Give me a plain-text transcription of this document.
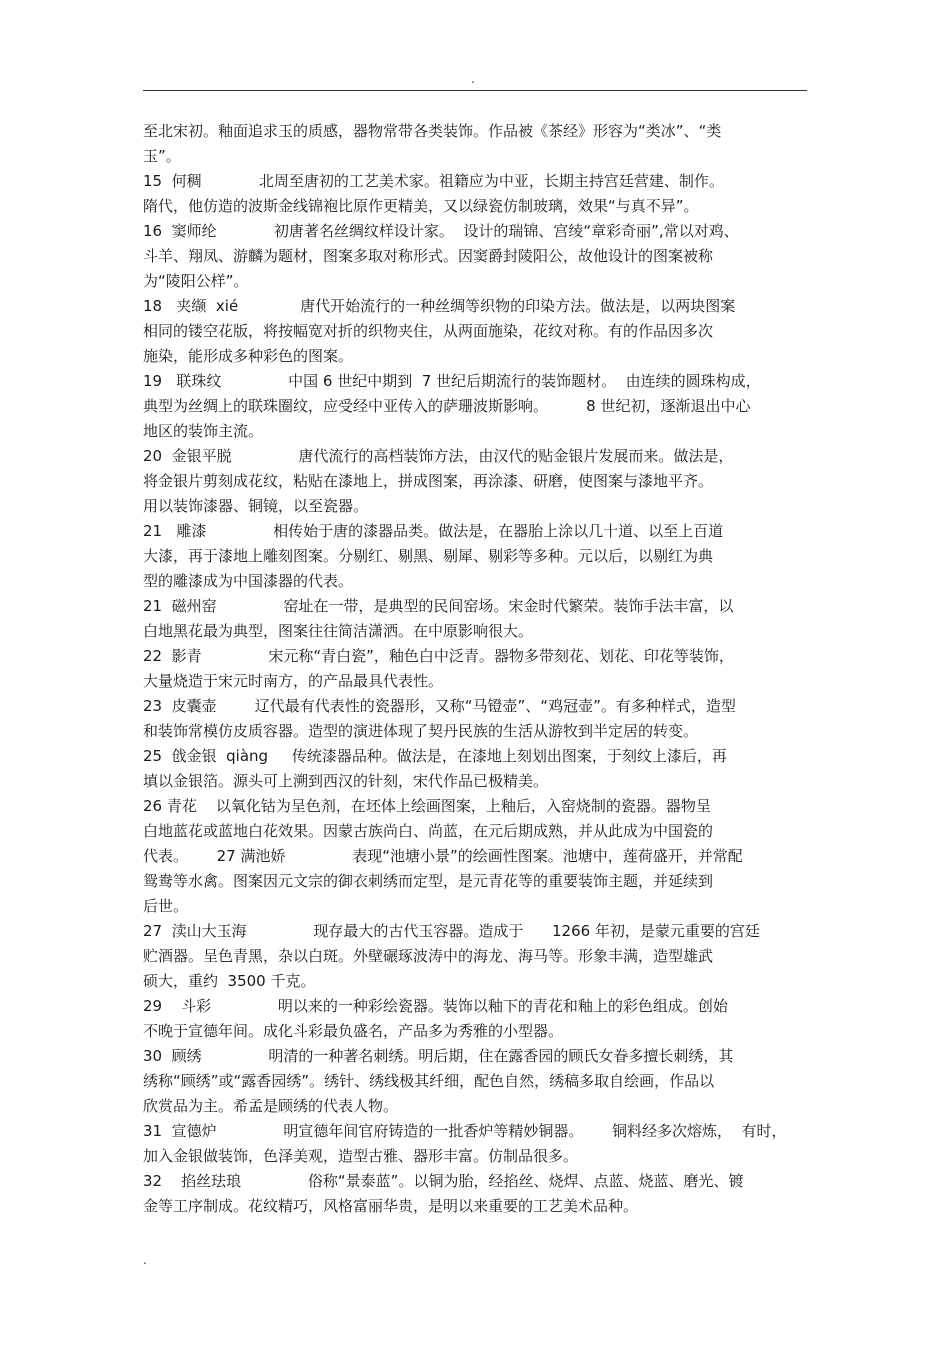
.
至北宋初。釉面追求玉的质感，器物常带各类装饰。作品被《茶经》形容为“类冰”、“类
玉”。
15  何稠            北周至唐初的工艺美术家。祖籍应为中亚，长期主持宫廷营建、制作。
隋代，他仿造的波斯金线锦袍比原作更精美，又以绿瓷仿制玻璃，效果“与真不异”。
16  窦师纶            初唐著名丝绸纹样设计家。  设计的瑞锦、宫绫“章彩奇丽”,常以对鸡、
斗羊、翔凤、游麟为题材，图案多取对称形式。因窦爵封陵阳公，故他设计的图案被称
为“陵阳公样”。
18   夹缬  xié             唐代开始流行的一种丝绸等织物的印染方法。做法是，以两块图案
相同的镂空花版，将按幅宽对折的织物夹住，从两面施染，花纹对称。有的作品因多次
施染，能形成多种彩色的图案。
19   联珠纹              中国 6 世纪中期到  7 世纪后期流行的装饰题材。  由连续的圆珠构成，
典型为丝绸上的联珠圈纹，应受经中亚传入的萨珊波斯影响。        8 世纪初，逐渐退出中心
地区的装饰主流。
20  金银平脱              唐代流行的高档装饰方法，由汉代的贴金银片发展而来。做法是，
将金银片剪刻成花纹，粘贴在漆地上，拼成图案，再涂漆、研磨，使图案与漆地平齐。
用以装饰漆器、铜镜，以至瓷器。
21   雕漆              相传始于唐的漆器品类。做法是，在器胎上涂以几十道、以至上百道
大漆，再于漆地上雕刻图案。分剔红、剔黑、剔犀、剔彩等多种。元以后，以剔红为典
型的雕漆成为中国漆器的代表。
21  磁州窑              窑址在一带，是典型的民间窑场。宋金时代繁荣。装饰手法丰富，以
白地黑花最为典型，图案往往简洁潇洒。在中原影响很大。
22  影青              宋元称“青白瓷”，釉色白中泛青。器物多带刻花、划花、印花等装饰，
大量烧造于宋元时南方，的产品最具代表性。
23  皮囊壶        辽代最有代表性的瓷器形，又称“马镫壶”、“鸡冠壶”。有多种样式，造型
和装饰常模仿皮质容器。造型的演进体现了契丹民族的生活从游牧到半定居的转变。
25  戗金银  qiàng     传统漆器品种。做法是，在漆地上刻划出图案，于刻纹上漆后，再
填以金银箔。源头可上溯到西汉的针刻，宋代作品已极精美。
26 青花    以氧化钴为呈色剂，在坯体上绘画图案，上釉后，入窑烧制的瓷器。器物呈
白地蓝花或蓝地白花效果。因蒙古族尚白、尚蓝，在元后期成熟，并从此成为中国瓷的
代表。      27 满池娇              表现“池塘小景”的绘画性图案。池塘中，莲荷盛开，并常配
鸳鸯等水禽。图案因元文宗的御衣刺绣而定型，是元青花等的重要装饰主题，并延续到
后世。
27  渎山大玉海              现存最大的古代玉容器。造成于      1266 年初，是蒙元重要的宫廷
贮酒器。呈色青黑，杂以白斑。外壁碾琢波涛中的海龙、海马等。形象丰满，造型雄武
硕大，重约  3500 千克。
29    斗彩              明以来的一种彩绘瓷器。装饰以釉下的青花和釉上的彩色组成。创始
不晚于宣德年间。成化斗彩最负盛名，产品多为秀雅的小型器。
30  顾绣              明清的一种著名刺绣。明后期，住在露香园的顾氏女眷多擅长刺绣，其
绣称“顾绣”或“露香园绣”。绣针、绣线极其纤细，配色自然，绣稿多取自绘画，作品以
欣赏品为主。希孟是顾绣的代表人物。
31  宣德炉              明宣德年间官府铸造的一批香炉等精妙铜器。      铜料经多次熔炼，  有时，
加入金银做装饰，色泽美观，造型古雅、器形丰富。仿制品很多。
32    掐丝珐琅              俗称“景泰蓝”。以铜为胎，经掐丝、烧焊、点蓝、烧蓝、磨光、镀
金等工序制成。花纹精巧，风格富丽华贵，是明以来重要的工艺美术品种。
.
